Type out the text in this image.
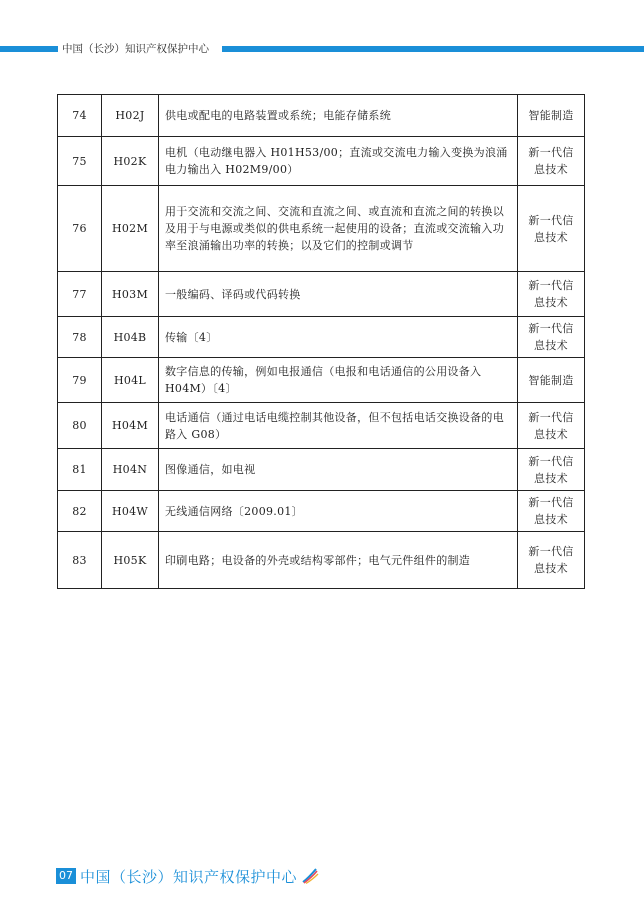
中国（长沙）知识产权保护中心
74	H02J	供电或配电的电路装置或系统；电能存储系统	智能制造
75	H02K	电机（电动继电器入 H01H53/00；直流或交流电力输入变换为浪涌电力输出入 H02M9/00）	新一代信息技术
76	H02M	用于交流和交流之间、交流和直流之间、或直流和直流之间的转换以及用于与电源或类似的供电系统一起使用的设备；直流或交流输入功率至浪涌输出功率的转换；以及它们的控制或调节	新一代信息技术
77	H03M	一般编码、译码或代码转换	新一代信息技术
78	H04B	传输〔4〕	新一代信息技术
79	H04L	数字信息的传输，例如电报通信（电报和电话通信的公用设备入 H04M）〔4〕	智能制造
80	H04M	电话通信（通过电话电缆控制其他设备，但不包括电话交换设备的电路入 G08）	新一代信息技术
81	H04N	图像通信，如电视	新一代信息技术
82	H04W	无线通信网络〔2009.01〕	新一代信息技术
83	H05K	印刷电路；电设备的外壳或结构零部件；电气元件组件的制造	新一代信息技术
07 中国（长沙）知识产权保护中心
